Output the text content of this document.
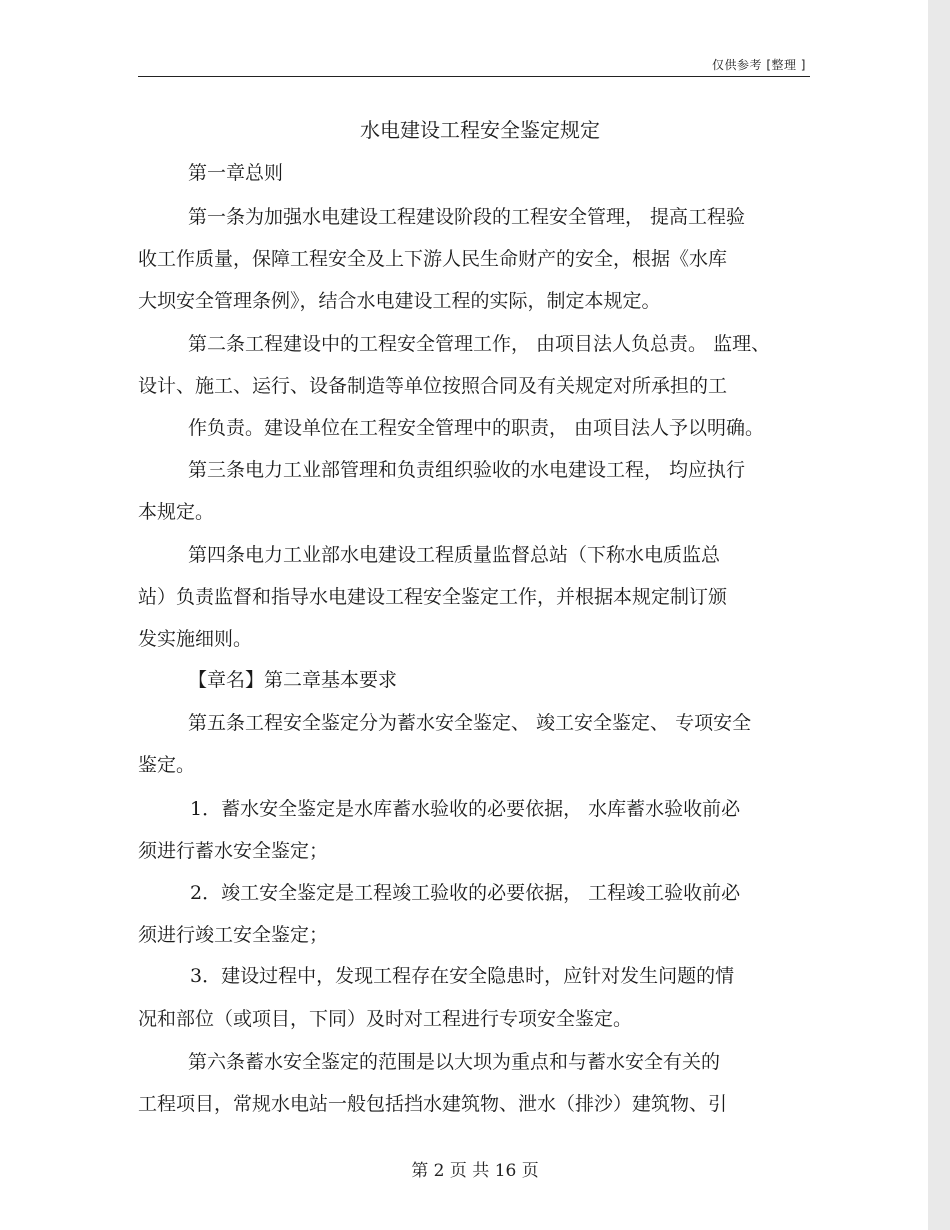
仅供参考 [整理 ]
水电建设工程安全鉴定规定
第一章总则
第一条为加强水电建设工程建设阶段的工程安全管理， 提高工程验
收工作质量，保障工程安全及上下游人民生命财产的安全，根据《水库
大坝安全管理条例》，结合水电建设工程的实际，制定本规定。
第二条工程建设中的工程安全管理工作， 由项目法人负总责。 监理、
设计、施工、运行、设备制造等单位按照合同及有关规定对所承担的工
作负责。建设单位在工程安全管理中的职责， 由项目法人予以明确。
第三条电力工业部管理和负责组织验收的水电建设工程， 均应执行
本规定。
第四条电力工业部水电建设工程质量监督总站（下称水电质监总
站）负责监督和指导水电建设工程安全鉴定工作，并根据本规定制订颁
发实施细则。
【章名】第二章基本要求
第五条工程安全鉴定分为蓄水安全鉴定、 竣工安全鉴定、 专项安全
鉴定。
1．蓄水安全鉴定是水库蓄水验收的必要依据， 水库蓄水验收前必
须进行蓄水安全鉴定；
2．竣工安全鉴定是工程竣工验收的必要依据， 工程竣工验收前必
须进行竣工安全鉴定；
3．建设过程中，发现工程存在安全隐患时，应针对发生问题的情
况和部位（或项目，下同）及时对工程进行专项安全鉴定。
第六条蓄水安全鉴定的范围是以大坝为重点和与蓄水安全有关的
工程项目，常规水电站一般包括挡水建筑物、泄水（排沙）建筑物、引
第 2 页 共 16 页
